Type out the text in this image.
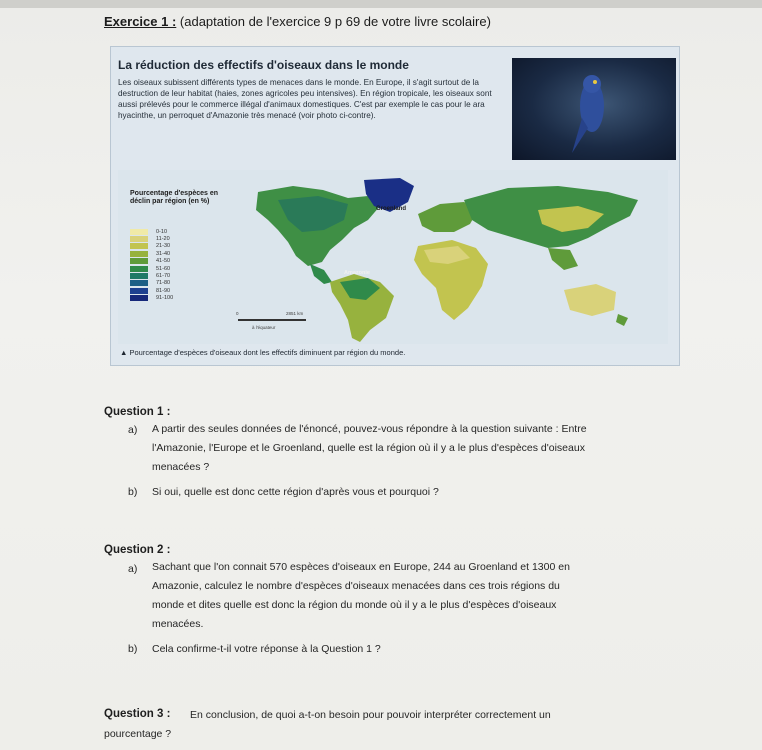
Exercice 1 : (adaptation de l'exercice 9 p 69 de votre livre scolaire)
La réduction des effectifs d'oiseaux dans le monde
Les oiseaux subissent différents types de menaces dans le monde. En Europe, il s'agit surtout de la destruction de leur habitat (haies, zones agricoles peu intensives). En région tropicale, les oiseaux sont aussi prélevés pour le commerce illégal d'animaux domestiques. C'est par exemple le cas pour le ara hyacinthe, un perroquet d'Amazonie très menacé (voir photo ci-contre).
Groenland
Amazonie
Pourcentage d'espèces en déclin par région (en %)
0-10
11-20
21-30
31-40
41-50
51-60
61-70
71-80
81-90
91-100
0	2851 km
à l'équateur
▲ Pourcentage d'espèces d'oiseaux dont les effectifs diminuent par région du monde.
Question 1 :
a) A partir des seules données de l'énoncé, pouvez-vous répondre à la question suivante : Entre
l'Amazonie, l'Europe et le Groenland, quelle est la région où il y a le plus d'espèces d'oiseaux
menacées ?
b) Si oui, quelle est donc cette région d'après vous et pourquoi ?
Question 2 :
a) Sachant que l'on connait 570 espèces d'oiseaux en Europe, 244 au Groenland et 1300 en
Amazonie, calculez le nombre d'espèces d'oiseaux menacées dans ces trois régions du
monde et dites quelle est donc la région du monde où il y a le plus d'espèces d'oiseaux
menacées.
b) Cela confirme-t-il votre réponse à la Question 1 ?
Question 3 : En conclusion, de quoi a-t-on besoin pour pouvoir interpréter correctement un
pourcentage ?
